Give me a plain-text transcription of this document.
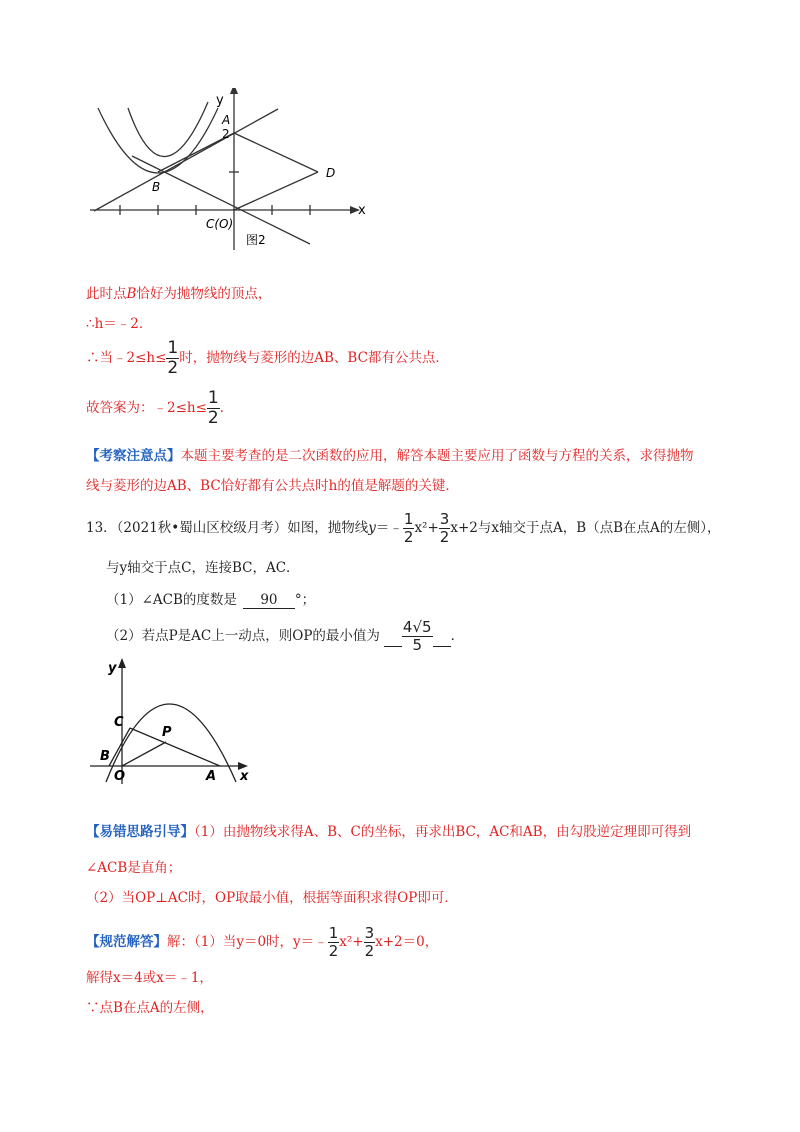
y
x
A
2
B
D
C(O)
图2
此时点B恰好为抛物线的顶点，
∴h＝﹣2．
∴当﹣2≤h≤ $\frac{1}{2}$ 时，抛物线与菱形的边AB、BC都有公共点．
故答案为：﹣2≤h≤ $\frac{1}{2}$ ．
【考察注意点】本题主要考查的是二次函数的应用，解答本题主要应用了函数与方程的关系，求得抛物
线与菱形的边AB、BC恰好都有公共点时h的值是解题的关键．
13．（2021秋•蜀山区校级月考）如图，抛物线y＝﹣ $\frac{1}{2} x^2+ \frac{3}{2} x+2$与x轴交于点A，B（点B在点A的左侧），
与y轴交于点C，连接BC，AC．
（1）∠ACB的度数是 90 °；
（2）若点P是AC上一动点，则OP的最小值为 $\frac{4√5}{5}$ ．
y
x
C
P
B
O	A
【易错思路引导】（1）由抛物线求得A、B、C的坐标，再求出BC，AC和AB，由勾股逆定理即可得到
∠ACB是直角；
（2）当OP⊥AC时，OP取最小值，根据等面积求得OP即可．
【规范解答】解：（1）当y＝0时，y＝﹣ $\frac{1}{2} x^2+ \frac{3}{2} x+2=0$，
解得x＝4或x＝﹣1，
∵点B在点A的左侧，
